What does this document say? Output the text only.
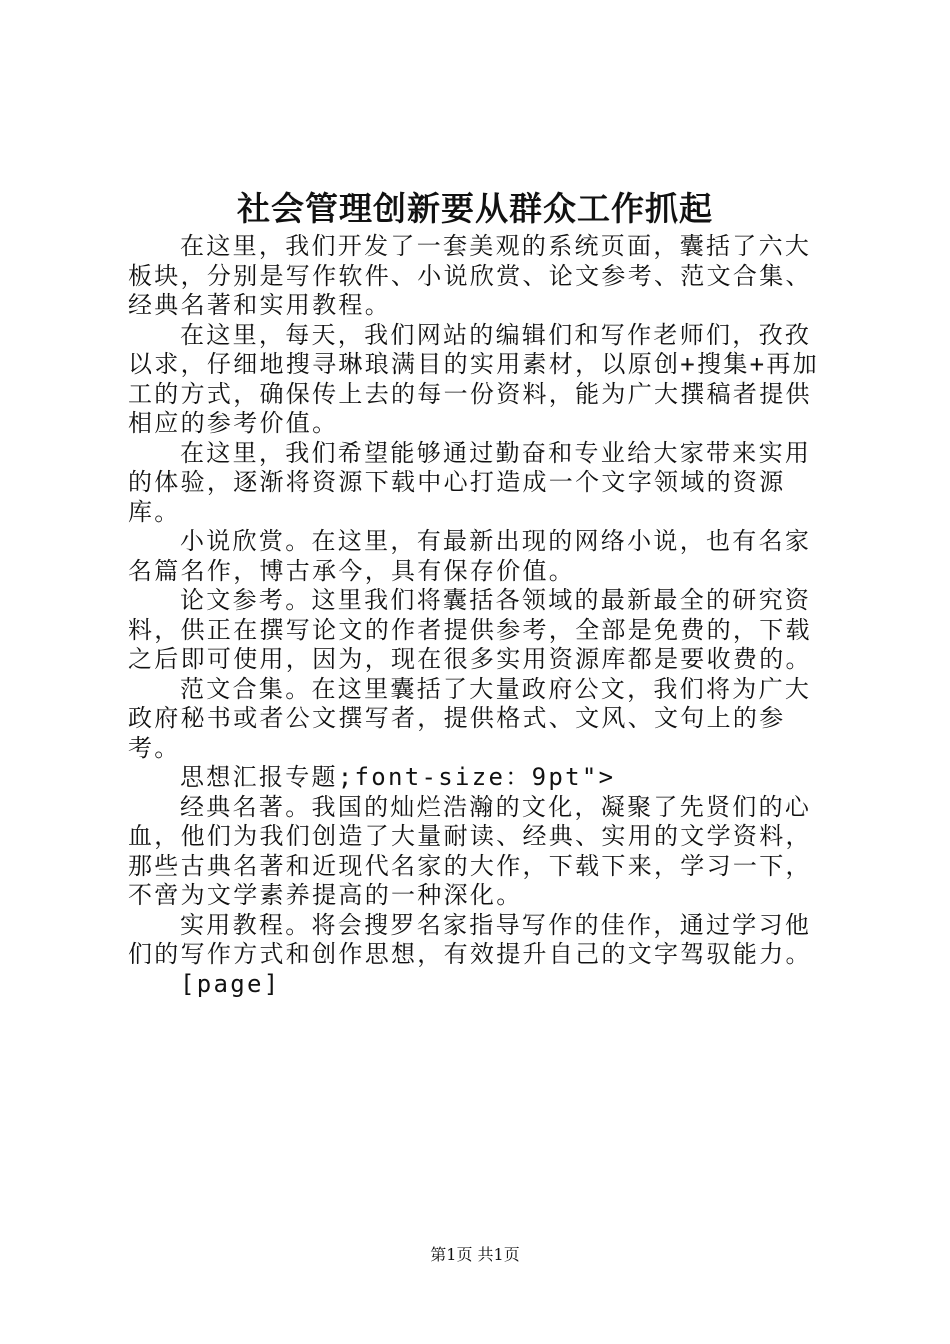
社会管理创新要从群众工作抓起

在这里，我们开发了一套美观的系统页面，囊括了六大板块，分别是写作软件、小说欣赏、论文参考、范文合集、经典名著和实用教程。

在这里，每天，我们网站的编辑们和写作老师们，孜孜以求，仔细地搜寻琳琅满目的实用素材，以原创+搜集+再加工的方式，确保传上去的每一份资料，能为广大撰稿者提供相应的参考价值。

在这里，我们希望能够通过勤奋和专业给大家带来实用的体验，逐渐将资源下载中心打造成一个文字领域的资源库。

小说欣赏。在这里，有最新出现的网络小说，也有名家名篇名作，博古承今，具有保存价值。

论文参考。这里我们将囊括各领域的最新最全的研究资料，供正在撰写论文的作者提供参考，全部是免费的，下载之后即可使用，因为，现在很多实用资源库都是要收费的。

范文合集。在这里囊括了大量政府公文，我们将为广大政府秘书或者公文撰写者，提供格式、文风、文句上的参考。

思想汇报专题;font-size：9pt">

经典名著。我国的灿烂浩瀚的文化，凝聚了先贤们的心血，他们为我们创造了大量耐读、经典、实用的文学资料，那些古典名著和近现代名家的大作，下载下来，学习一下，不啻为文学素养提高的一种深化。

实用教程。将会搜罗名家指导写作的佳作，通过学习他们的写作方式和创作思想，有效提升自己的文字驾驭能力。

[page]

第1页 共1页
